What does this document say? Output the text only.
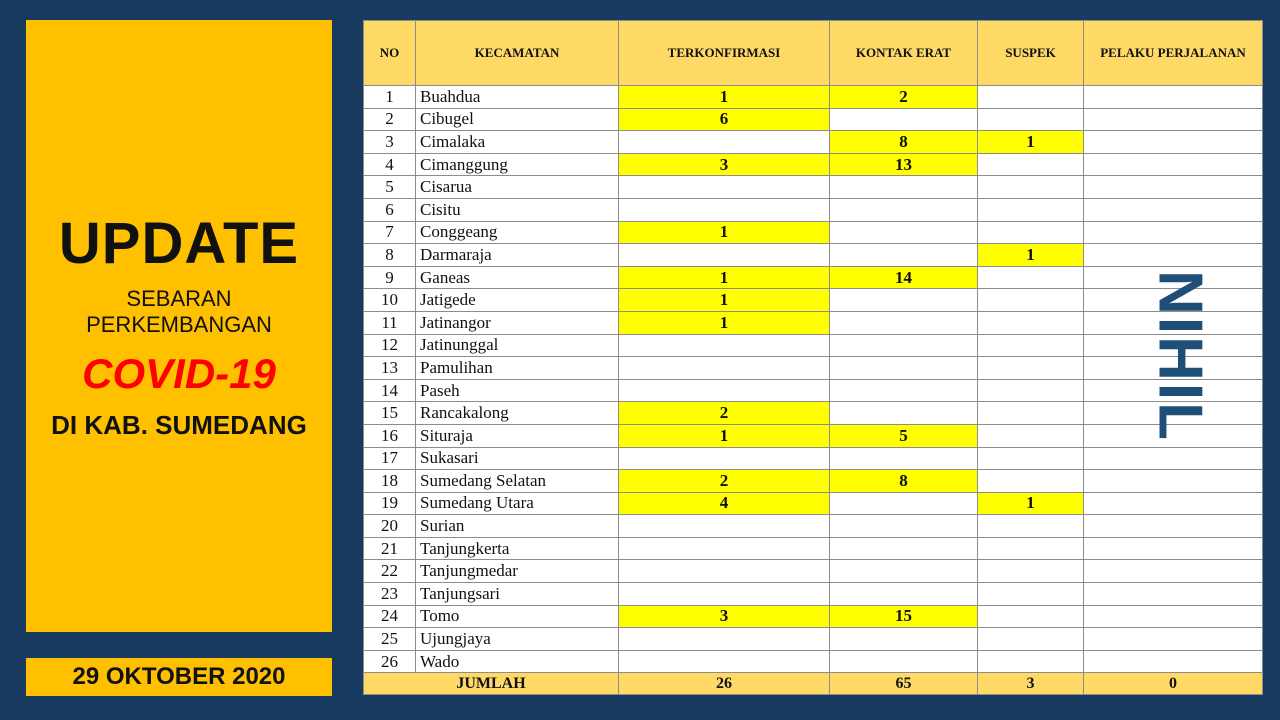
UPDATE
SEBARAN
PERKEMBANGAN
COVID-19
DI KAB. SUMEDANG
29 OKTOBER 2020
NO	KECAMATAN	TERKONFIRMASI	KONTAK ERAT	SUSPEK	PELAKU PERJALANAN
1	Buahdua	1	2		
2	Cibugel	6			
3	Cimalaka		8	1	
4	Cimanggung	3	13		
5	Cisarua				
6	Cisitu				
7	Conggeang	1			
8	Darmaraja			1	
9	Ganeas	1	14		
10	Jatigede	1			
11	Jatinangor	1			
12	Jatinunggal				
13	Pamulihan				
14	Paseh				
15	Rancakalong	2			
16	Situraja	1	5		
17	Sukasari				
18	Sumedang Selatan	2	8		
19	Sumedang Utara	4		1	
20	Surian				
21	Tanjungkerta				
22	Tanjungmedar				
23	Tanjungsari				
24	Tomo	3	15		
25	Ujungjaya				
26	Wado				
JUMLAH		26	65	3	0
NIHIL
